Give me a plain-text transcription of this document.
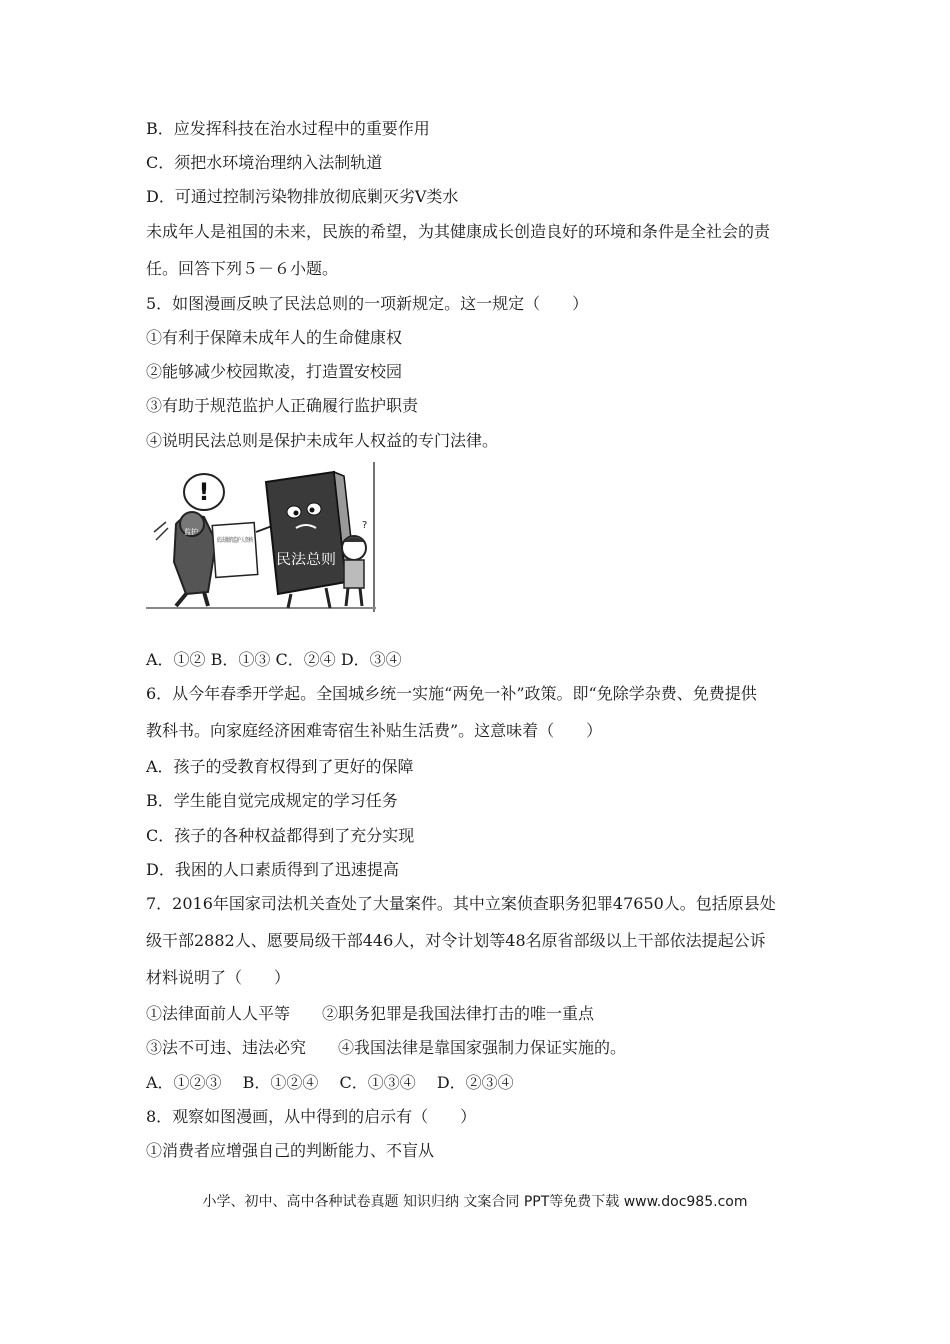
B．应发挥科技在治水过程中的重要作用
C．须把水环境治理纳入法制轨道
D．可通过控制污染物排放彻底剿灭劣Ⅴ类水
未成年人是祖国的未来，民族的希望，为其健康成长创造良好的环境和条件是全社会的责
任。回答下列５－６小题。
5．如图漫画反映了民法总则的一项新规定。这一规定（　　）
①有利于保障未成年人的生命健康权
②能够减少校园欺凌，打造置安校园
③有助于规范监护人正确履行监护职责
④说明民法总则是保护未成年人权益的专门法律。
!
监护
依法撤销监护人资格
民法总则
?
A．①② B．①③ C．②④ D．③④
6．从今年春季开学起。全国城乡统一实施“两免一补”政策。即“免除学杂费、免费提供
教科书。向家庭经济困难寄宿生补贴生活费”。这意味着（　　）
A．孩子的受教育权得到了更好的保障
B．学生能自觉完成规定的学习任务
C．孩子的各种权益都得到了充分实现
D．我困的人口素质得到了迅速提高
7．2016年国家司法机关查处了大量案件。其中立案侦查职务犯罪47650人。包括原县处
级干部2882人、愿要局级干部446人，对令计划等48名原省部级以上干部依法提起公诉
材料说明了（　　）
①法律面前人人平等　　②职务犯罪是我国法律打击的唯一重点
③法不可违、违法必究　　④我国法律是靠国家强制力保证实施的。
A．①②③　 B．①②④　 C．①③④　 D．②③④
8．观察如图漫画，从中得到的启示有（　　）
①消费者应增强自己的判断能力、不盲从
小学、初中、高中各种试卷真题 知识归纳 文案合同 PPT等免费下载 www.doc985.com
